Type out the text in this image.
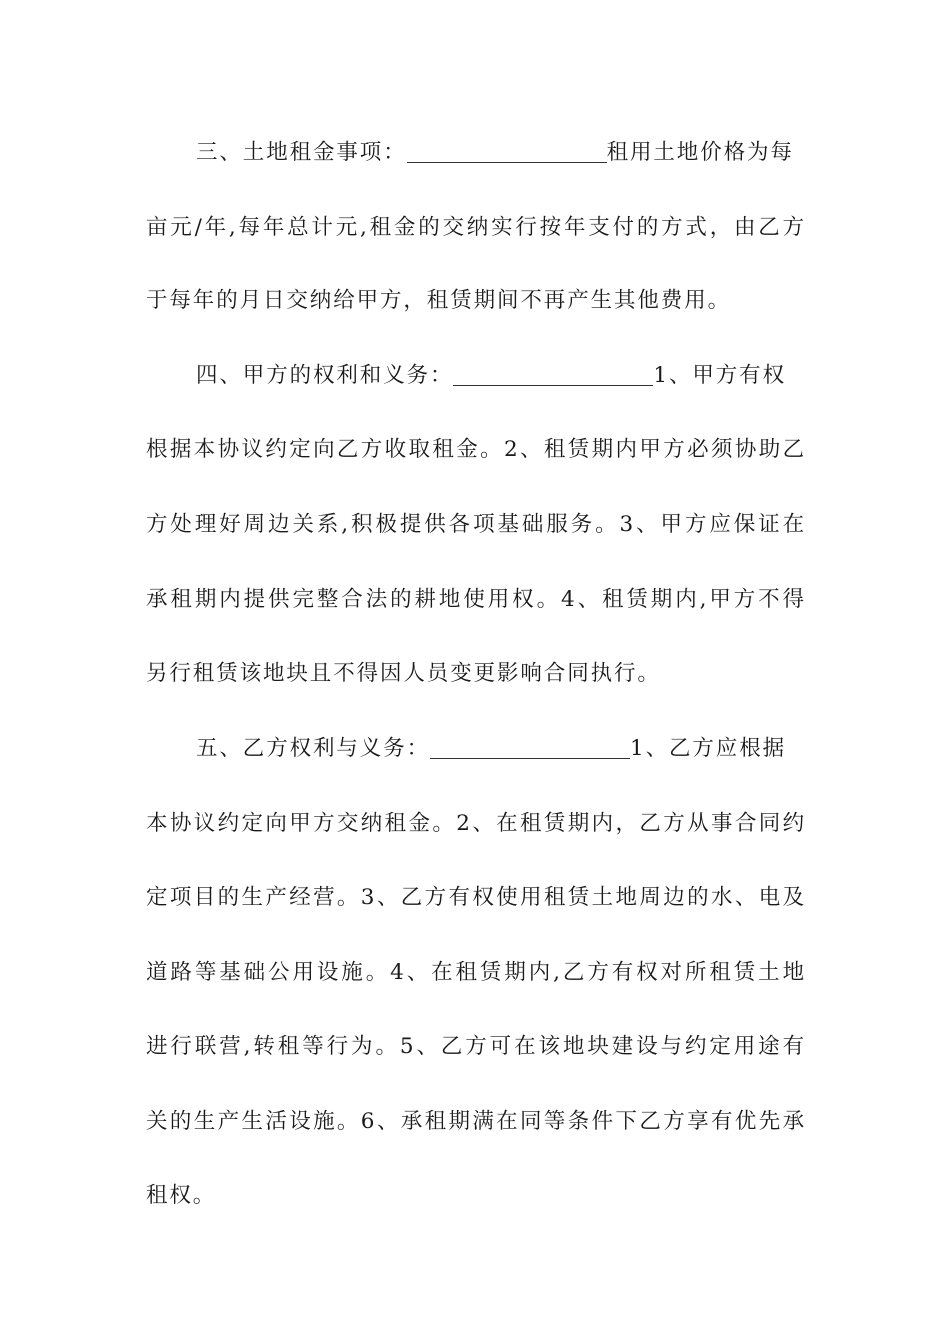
三、土地租金事项：	租用土地价格为每
亩元/年,每年总计元,租金的交纳实行按年支付的方式，由乙方
于每年的月日交纳给甲方，租赁期间不再产生其他费用。
四、甲方的权利和义务：	1、甲方有权
根据本协议约定向乙方收取租金。2、租赁期内甲方必须协助乙
方处理好周边关系,积极提供各项基础服务。3、甲方应保证在
承租期内提供完整合法的耕地使用权。4、租赁期内,甲方不得
另行租赁该地块且不得因人员变更影响合同执行。
五、乙方权利与义务：	1、乙方应根据
本协议约定向甲方交纳租金。2、在租赁期内，乙方从事合同约
定项目的生产经营。3、乙方有权使用租赁土地周边的水、电及
道路等基础公用设施。4、在租赁期内,乙方有权对所租赁土地
进行联营,转租等行为。5、乙方可在该地块建设与约定用途有
关的生产生活设施。6、承租期满在同等条件下乙方享有优先承
租权。
